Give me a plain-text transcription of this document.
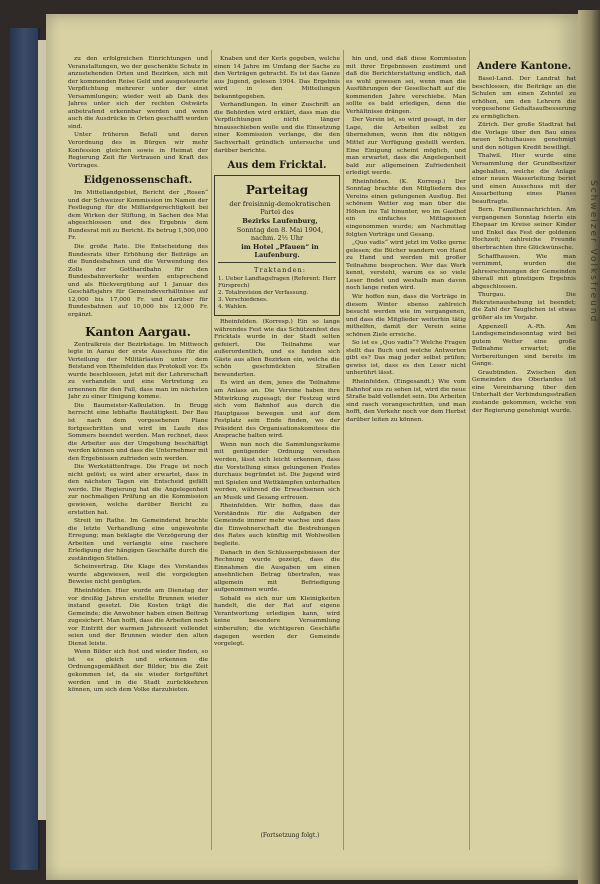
Schweizer Volksfreund

zu den erfolgreichen Einrichtungen und Veranstaltungen, wo der geschenkte Schutz in anzustehenden Orten und Bezirken, sich mit der kommenden Reise Geld und ausgesteuerte Verpflichtung mehrerer unter der einst Versammlungen; wieder weit ab Dank des Jahres unter sich der rechten Ostwärts anbetrafend erkennbar werden und wenn auch die Ausdrücke in Orten geschafft worden sind.

Unter früheren Befall und deren Verordnung des in Bürgen wir mehr Konfession gleichen sowie in Heimat der Regierung Zeit für Vertrauen und Kraft des Vortrages.

Eidgenossenschaft.

Im Mittellandgebiet, Bericht der „Rosen“ und der Schweizer Kommission im Namen der Festlegung für die Milliardgerechtigkeit bei dem Wirken der Stiftung, in Sachen des Mai abgeschlossen und des Ergebnis dem Bundesrat mit zu Bericht. Es betrug 1,500,000 Fr.

Die große Rate. Die Entscheidung des Bundesrats über Erhöhung der Beiträge an die Bundesbahnen und die Verwendung des Zolls der Gotthardbahn für den Bundesbahnverkehr werden entsprechend und als Rückvergütung auf 1 Januar des Geschäftsjahrs für Gemeindeverhältnisse auf 12,000 bis 17,000 Fr. und darüber für Bundesbahnen auf 10,000 bis 12,000 Fr. ergänzt.

Kanton Aargau.

Zentralkreis der Bezirkstage. Im Mittwoch legte in Aarau der erste Ausschuss für die Verteilung der Militärlasten unter dem Beistand von Rheinfelden das Protokoll vor. Es wurde beschlossen, jetzt mit der Lehrerschaft zu verhandeln und eine Vertretung zu ernennen für den Fall, dass man im nächsten Jahr zu einer Einigung komme.

Die Baumeister-Kalkulation. In Brugg herrscht eine lebhafte Bautätigkeit. Der Bau ist nach dem vorgesehenen Plane fortgeschritten und wird im Laufe des Sommers beendet werden. Man rechnet, dass die Arbeiter aus der Umgebung beschäftigt werden können und dass die Unternehmer mit den Ergebnissen zufrieden sein werden.

Die Werkstättenfrage. Die Frage ist noch nicht gelöst; es wird aber erwartet, dass in den nächsten Tagen ein Entscheid gefällt werde. Die Regierung hat die Angelegenheit zur nochmaligen Prüfung an die Kommission gewiesen, welche darüber Bericht zu erstatten hat.

Streit im Rathe. Im Gemeinderat brachte die letzte Verhandlung eine ungewohnte Erregung; man beklagte die Verzögerung der Arbeiten und verlangte eine raschere Erledigung der hängigen Geschäfte durch die zuständigen Stellen.

Scheinvertrag. Die Klage des Vorstandes wurde abgewiesen, weil die vorgelegten Beweise nicht genügten.

Rheinfelden. Hier wurde am Dienstag der vor dreißig Jahren erstellte Brunnen wieder instand gesetzt. Die Kosten trägt die Gemeinde; die Anwohner haben einen Beitrag zugesichert. Man hofft, dass die Arbeiten noch vor Eintritt der warmen Jahreszeit vollendet seien und der Brunnen wieder den alten Dienst leiste.

Wenn Bilder sich fest und wieder finden, so ist es gleich und erkennen die Ordnungsgemäßheit der Bilder, bis die Zeit gekommen ist, da sie wieder fortgeführt werden und in die Stadt zurückkehren können, um sich dem Volke darzubieten.

Knaben und der Kerls gegeben, welche einen 14 Jahre im Umfang der Sache zu den Verträgen gebracht. Es ist das Ganze aus Jugend, gelesen 1904. Das Ergebnis wird in den Mitteilungen bekanntgegeben.

Verhandlungen. In einer Zuschrift an die Behörden wird erklärt, dass man die Verpflichtungen nicht länger hinausschieben wolle und die Einsetzung einer Kommission verlange, die den Sachverhalt gründlich untersuche und darüber berichte.

Aus dem Fricktal.
Parteitag

der freisinnig-demokratischen Partei des

Bezirks Laufenburg,

Sonntag den 8. Mai 1904, nachm. 2½ Uhr

im Hotel „Pfauen“ in Laufenburg.

Traktanden:

1. Ueber Landtagsfragen (Referent: Herr Fürsprech)
2. Totalrevision der Verfassung.
3. Verschiedenes.
4. Wahlen.

Rheinfelden. (Korresp.) Ein so lange währendes Fest wie das Schützenfest des Fricktals wurde in der Stadt selten gefeiert. Die Teilnahme war außerordentlich, und es fanden sich Gäste aus allen Bezirken ein, welche die schön geschmückten Straßen bewunderten.

Es wird an dem, jenes die Teilnahme am Anlass an. Die Vereine haben ihre Mitwirkung zugesagt; der Festzug wird sich vom Bahnhof aus durch die Hauptgasse bewegen und auf dem Festplatz sein Ende finden, wo der Präsident des Organisationskomitees die Ansprache halten wird.

Wenn nun noch die Sammlungsräume mit genügender Ordnung versehen werden, lässt sich leicht erkennen, dass die Vorstellung eines gelungenen Festes durchaus begründet ist. Die Jugend wird mit Spielen und Wettkämpfen unterhalten werden, während die Erwachsenen sich an Musik und Gesang erfreuen.

Rheinfelden. Wir hoffen, dass das Verständnis für die Aufgaben der Gemeinde immer mehr wachse und dass die Einwohnerschaft die Bestrebungen des Rates auch künftig mit Wohlwollen begleite.

Danach in den Schlussergebnissen der Rechnung wurde gezeigt, dass die Einnahmen die Ausgaben um einen ansehnlichen Betrag übertrafen, was allgemein mit Befriedigung aufgenommen wurde.

Sobald es sich nur um Kleinigkeiten handelt, die der Rat auf eigene Verantwortung erledigen kann, wird keine besondere Versammlung einberufen; die wichtigeren Geschäfte dagegen werden der Gemeinde vorgelegt.

(Fortsetzung folgt.)

hin und, und daß diese Kommission mit ihrer Ergebnissen zustimmt und daß die Berichterstattung endlich, daß es wohl gewesen sei, wenn man die Ausführungen der Gesellschaft auf die kommenden Jahre verschiebe. Man sollte es bald erledigen, denn die Verhältnisse drängen.

Der Verein ist, so wird gesagt, in der Lage, die Arbeiten selbst zu übernehmen, wenn ihm die nötigen Mittel zur Verfügung gestellt werden. Eine Einigung scheint möglich, und man erwartet, dass die Angelegenheit bald zur allgemeinen Zufriedenheit erledigt werde.

Rheinfelden. (K. Korresp.) Der Sonntag brachte den Mitgliedern des Vereins einen gelungenen Ausflug. Bei schönem Wetter zog man über die Höhen ins Tal hinunter, wo im Gasthof ein einfaches Mittagessen eingenommen wurde; am Nachmittag folgten Vorträge und Gesang.

„Quo vadis“ wird jetzt im Volke gerne gelesen; die Bücher wandern von Hand zu Hand und werden mit großer Teilnahme besprochen. Wer das Werk kennt, versteht, warum es so viele Leser findet und weshalb man davon noch lange reden wird.

Wir hoffen nun, dass die Vorträge in diesem Winter ebenso zahlreich besucht werden wie im vergangenen, und dass die Mitglieder weiterhin tätig mithelfen, damit der Verein seine schönen Ziele erreiche.

So ist es „Quo vadis“? Welche Fragen stellt das Buch und welche Antworten gibt es? Das mag jeder selbst prüfen; gewiss ist, dass es den Leser nicht unberührt lässt.

Rheinfelden. (Eingesandt.) Wie vom Bahnhof aus zu sehen ist, wird die neue Straße bald vollendet sein. Die Arbeiten sind rasch vorangeschritten, und man hofft, den Verkehr noch vor dem Herbst darüber leiten zu können.

Andere Kantone.

Basel-Land. Der Landrat hat beschlossen, die Beiträge an die Schulen um einen Zehntel zu erhöhen, um den Lehrern die vorgesehene Gehaltsaufbesserung zu ermöglichen.

Zürich. Der große Stadtrat hat die Vorlage über den Bau eines neuen Schulhauses genehmigt und den nötigen Kredit bewilligt.

Thalwil. Hier wurde eine Versammlung der Grundbesitzer abgehalten, welche die Anlage einer neuen Wasserleitung beriet und einen Ausschuss mit der Ausarbeitung eines Planes beauftragte.

Bern. Familiennachrichten. Am vergangenen Sonntag feierte ein Ehepaar im Kreise seiner Kinder und Enkel das Fest der goldenen Hochzeit; zahlreiche Freunde überbrachten ihre Glückwünsche.

Schaffhausen. Wie man vernimmt, wurden die Jahresrechnungen der Gemeinden überall mit günstigem Ergebnis abgeschlossen.

Thurgau. Die Rekrutenaushebung ist beendet; die Zahl der Tauglichen ist etwas größer als im Vorjahr.

Appenzell A.-Rh. Am Landsgemeindesonntag wird bei gutem Wetter eine große Teilnahme erwartet; die Vorbereitungen sind bereits im Gange.

Graubünden. Zwischen den Gemeinden des Oberlandes ist eine Vereinbarung über den Unterhalt der Verbindungsstraßen zustande gekommen, welche von der Regierung genehmigt wurde.
